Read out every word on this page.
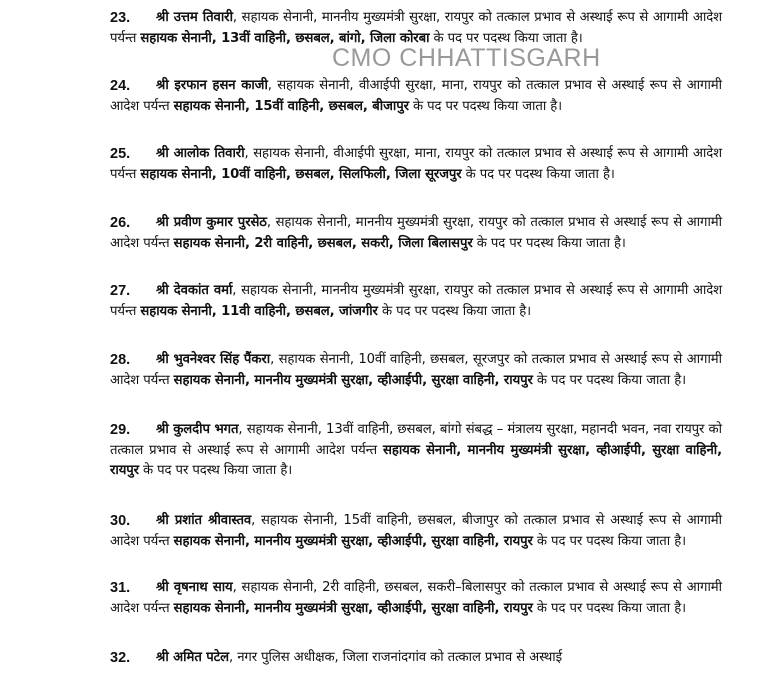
23.	श्री उत्तम तिवारी, सहायक सेनानी, माननीय मुख्यमंत्री सुरक्षा, रायपुर को तत्काल प्रभाव से अस्थाई रूप से आगामी आदेश पर्यन्त सहायक सेनानी, 13वीं वाहिनी, छसबल, बांगो, जिला कोरबा के पद पर पदस्थ किया जाता है।
24.	श्री इरफान हसन काजी, सहायक सेनानी, वीआईपी सुरक्षा, माना, रायपुर को तत्काल प्रभाव से अस्थाई रूप से आगामी आदेश पर्यन्त सहायक सेनानी, 15वीं वाहिनी, छसबल, बीजापुर के पद पर पदस्थ किया जाता है।
25.	श्री आलोक तिवारी, सहायक सेनानी, वीआईपी सुरक्षा, माना, रायपुर को तत्काल प्रभाव से अस्थाई रूप से आगामी आदेश पर्यन्त सहायक सेनानी, 10वीं वाहिनी, छसबल, सिलफिली, जिला सूरजपुर के पद पर पदस्थ किया जाता है।
26.	श्री प्रवीण कुमार पुरसेठ, सहायक सेनानी, माननीय मुख्यमंत्री सुरक्षा, रायपुर को तत्काल प्रभाव से अस्थाई रूप से आगामी आदेश पर्यन्त सहायक सेनानी, 2री वाहिनी, छसबल, सकरी, जिला बिलासपुर के पद पर पदस्थ किया जाता है।
27.	श्री देवकांत वर्मा, सहायक सेनानी, माननीय मुख्यमंत्री सुरक्षा, रायपुर को तत्काल प्रभाव से अस्थाई रूप से आगामी आदेश पर्यन्त सहायक सेनानी, 11वी वाहिनी, छसबल, जांजगीर के पद पर पदस्थ किया जाता है।
28.	श्री भुवनेश्वर सिंह पैंकरा, सहायक सेनानी, 10वीं वाहिनी, छसबल, सूरजपुर को तत्काल प्रभाव से अस्थाई रूप से आगामी आदेश पर्यन्त सहायक सेनानी, माननीय मुख्यमंत्री सुरक्षा, व्हीआईपी, सुरक्षा वाहिनी, रायपुर के पद पर पदस्थ किया जाता है।
29.	श्री कुलदीप भगत, सहायक सेनानी, 13वीं वाहिनी, छसबल, बांगो संबद्ध – मंत्रालय सुरक्षा, महानदी भवन, नवा रायपुर को तत्काल प्रभाव से अस्थाई रूप से आगामी आदेश पर्यन्त सहायक सेनानी, माननीय मुख्यमंत्री सुरक्षा, व्हीआईपी, सुरक्षा वाहिनी, रायपुर के पद पर पदस्थ किया जाता है।
30.	श्री प्रशांत श्रीवास्तव, सहायक सेनानी, 15वीं वाहिनी, छसबल, बीजापुर को तत्काल प्रभाव से अस्थाई रूप से आगामी आदेश पर्यन्त सहायक सेनानी, माननीय मुख्यमंत्री सुरक्षा, व्हीआईपी, सुरक्षा वाहिनी, रायपुर के पद पर पदस्थ किया जाता है।
31.	श्री वृषनाथ साय, सहायक सेनानी, 2री वाहिनी, छसबल, सकरी–बिलासपुर को तत्काल प्रभाव से अस्थाई रूप से आगामी आदेश पर्यन्त सहायक सेनानी, माननीय मुख्यमंत्री सुरक्षा, व्हीआईपी, सुरक्षा वाहिनी, रायपुर के पद पर पदस्थ किया जाता है।
32.	श्री अमित पटेल, नगर पुलिस अधीक्षक, जिला राजनांदगांव को तत्काल प्रभाव से अस्थाई
CMO CHHATTISGARH
